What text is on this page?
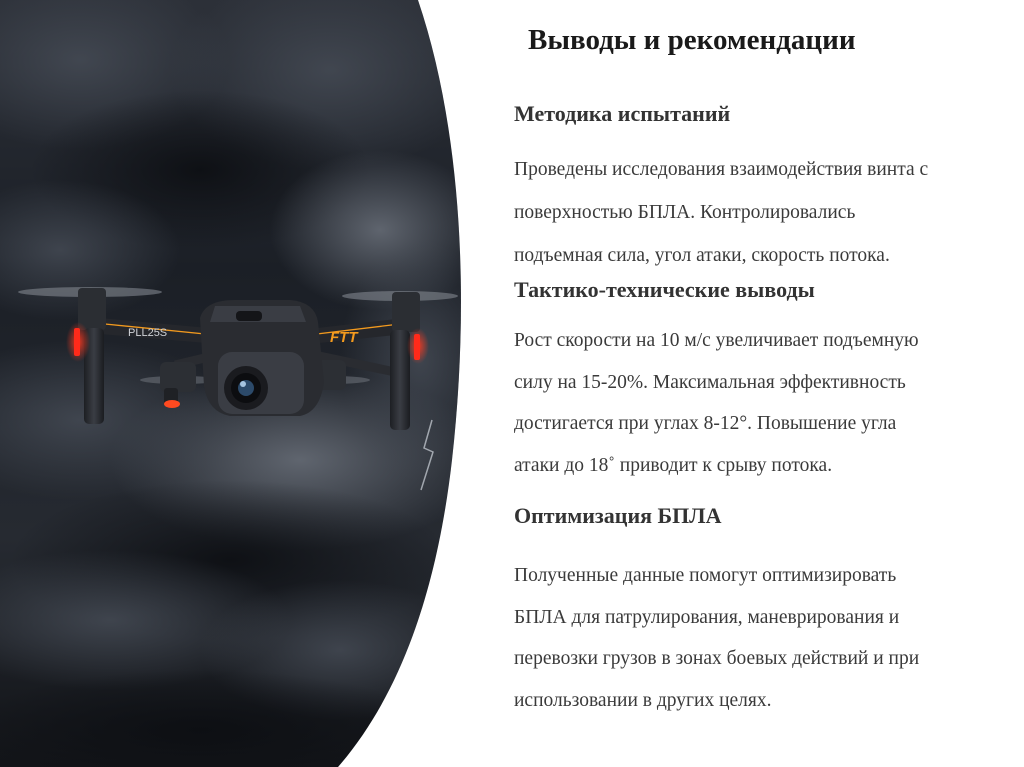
PLL25S	FTT
Выводы и рекомендации
Методика испытаний
Проведены исследования взаимодействия винта с
поверхностью БПЛА. Контролировались
подъемная сила, угол атаки, скорость потока.
Тактико-технические выводы
Рост скорости на 10 м/с увеличивает подъемную
силу на 15-20%. Максимальная эффективность
достигается при углах 8-12°. Повышение угла
атаки до 18˚ приводит к срыву потока.
Оптимизация БПЛА
Полученные данные помогут оптимизировать
БПЛА для патрулирования, маневрирования и
перевозки грузов в зонах боевых действий и при
использовании в других целях.
